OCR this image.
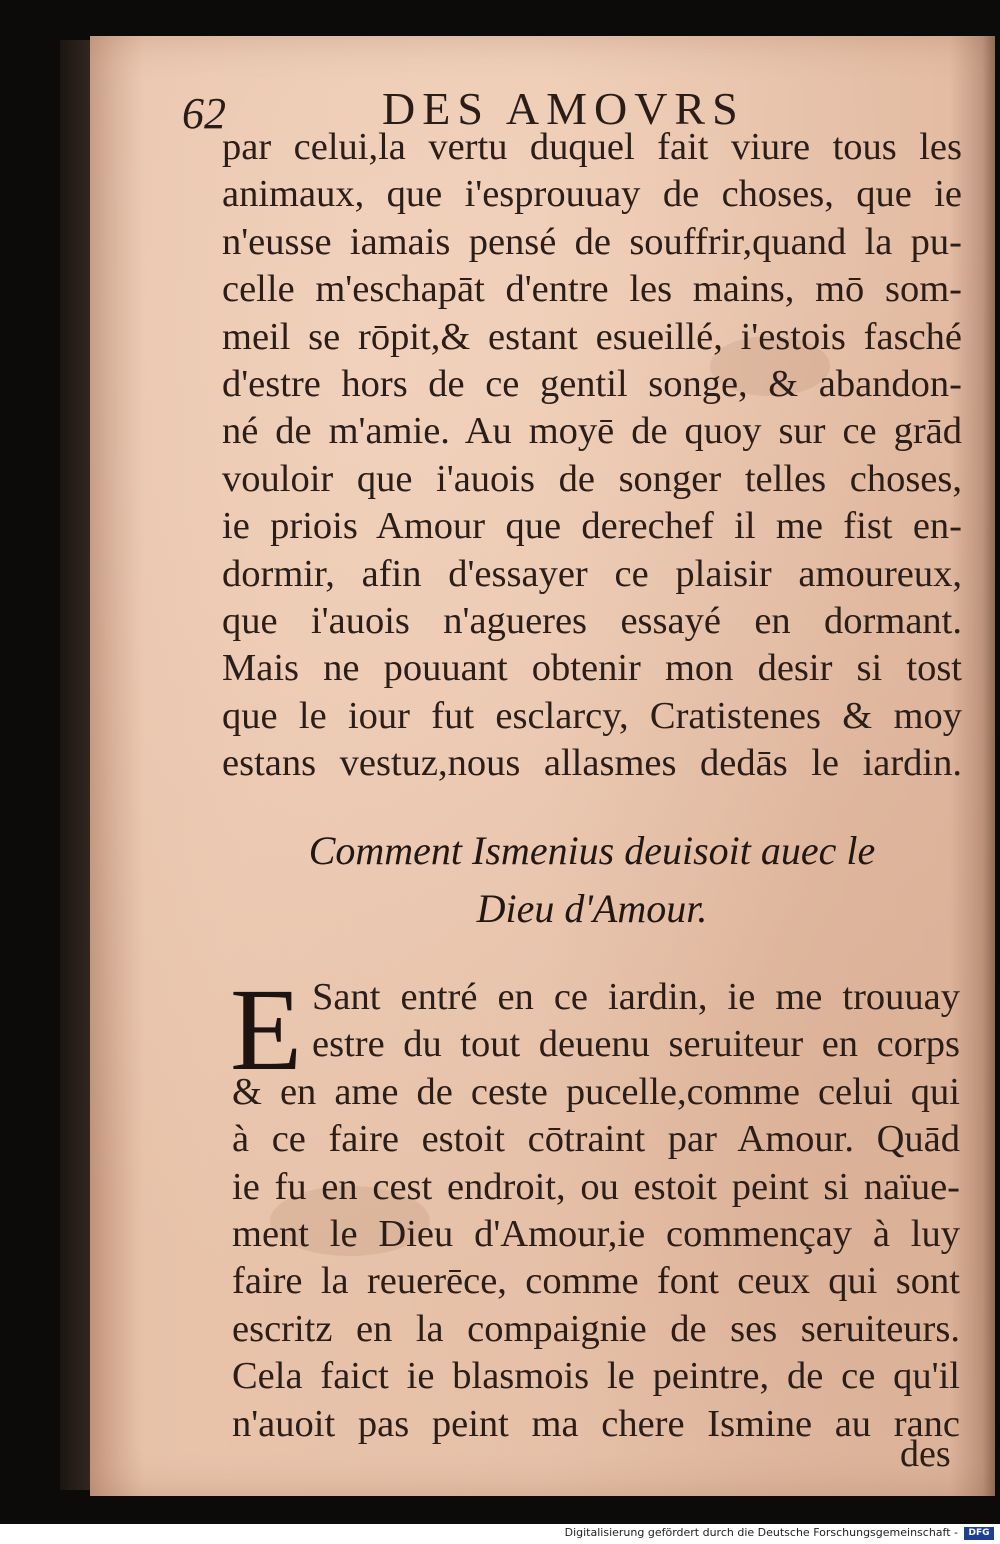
62	DES AMOVRS
par celui,la vertu duquel fait viure tous les
animaux, que i'esprouuay de choses, que ie
n'eusse iamais pensé de souffrir,quand la pu-
celle m'eschapāt d'entre les mains, mō som-
meil se rōpit,& estant esueillé, i'estois fasché
d'estre hors de ce gentil songe, & abandon-
né de m'amie. Au moyē de quoy sur ce grād
vouloir que i'auois de songer telles choses,
ie priois Amour que derechef il me fist en-
dormir, afin d'essayer ce plaisir amoureux,
que i'auois n'agueres essayé en dormant.
Mais ne pouuant obtenir mon desir si tost
que le iour fut esclarcy, Cratistenes & moy
estans vestuz,nous allasmes dedās le iardin.
Comment Ismenius deuisoit auec le
Dieu d'Amour.
E Sant entré en ce iardin, ie me trouuay
estre du tout deuenu seruiteur en corps
& en ame de ceste pucelle,comme celui qui
à ce faire estoit cōtraint par Amour. Quād
ie fu en cest endroit, ou estoit peint si naïue-
ment le Dieu d'Amour,ie commençay à luy
faire la reuerēce, comme font ceux qui sont
escritz en la compaignie de ses seruiteurs.
Cela faict ie blasmois le peintre, de ce qu'il
n'auoit pas peint ma chere Ismine au ranc
des
Digitalisierung gefördert durch die Deutsche Forschungsgemeinschaft -	DFG
